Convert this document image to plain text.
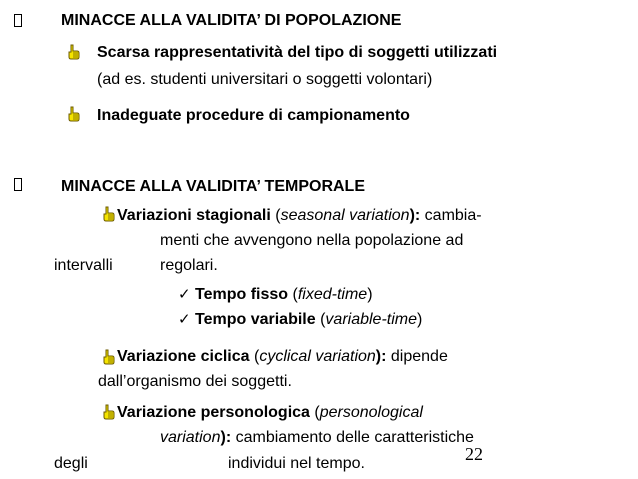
MINACCE ALLA VALIDITA’ DI POPOLAZIONE
Scarsa rappresentatività del tipo di soggetti utilizzati
(ad es. studenti universitari o soggetti volontari)
Inadeguate procedure di campionamento
MINACCE ALLA VALIDITA’ TEMPORALE
Variazioni stagionali (seasonal variation): cambia-
menti che avvengono nella popolazione ad
intervalli	regolari.
✓ Tempo fisso (fixed-time)
✓ Tempo variabile (variable-time)
Variazione ciclica (cyclical variation): dipende
dall’organismo dei soggetti.
Variazione personologica (personological
variation): cambiamento delle caratteristiche
degli	individui nel tempo.	22
